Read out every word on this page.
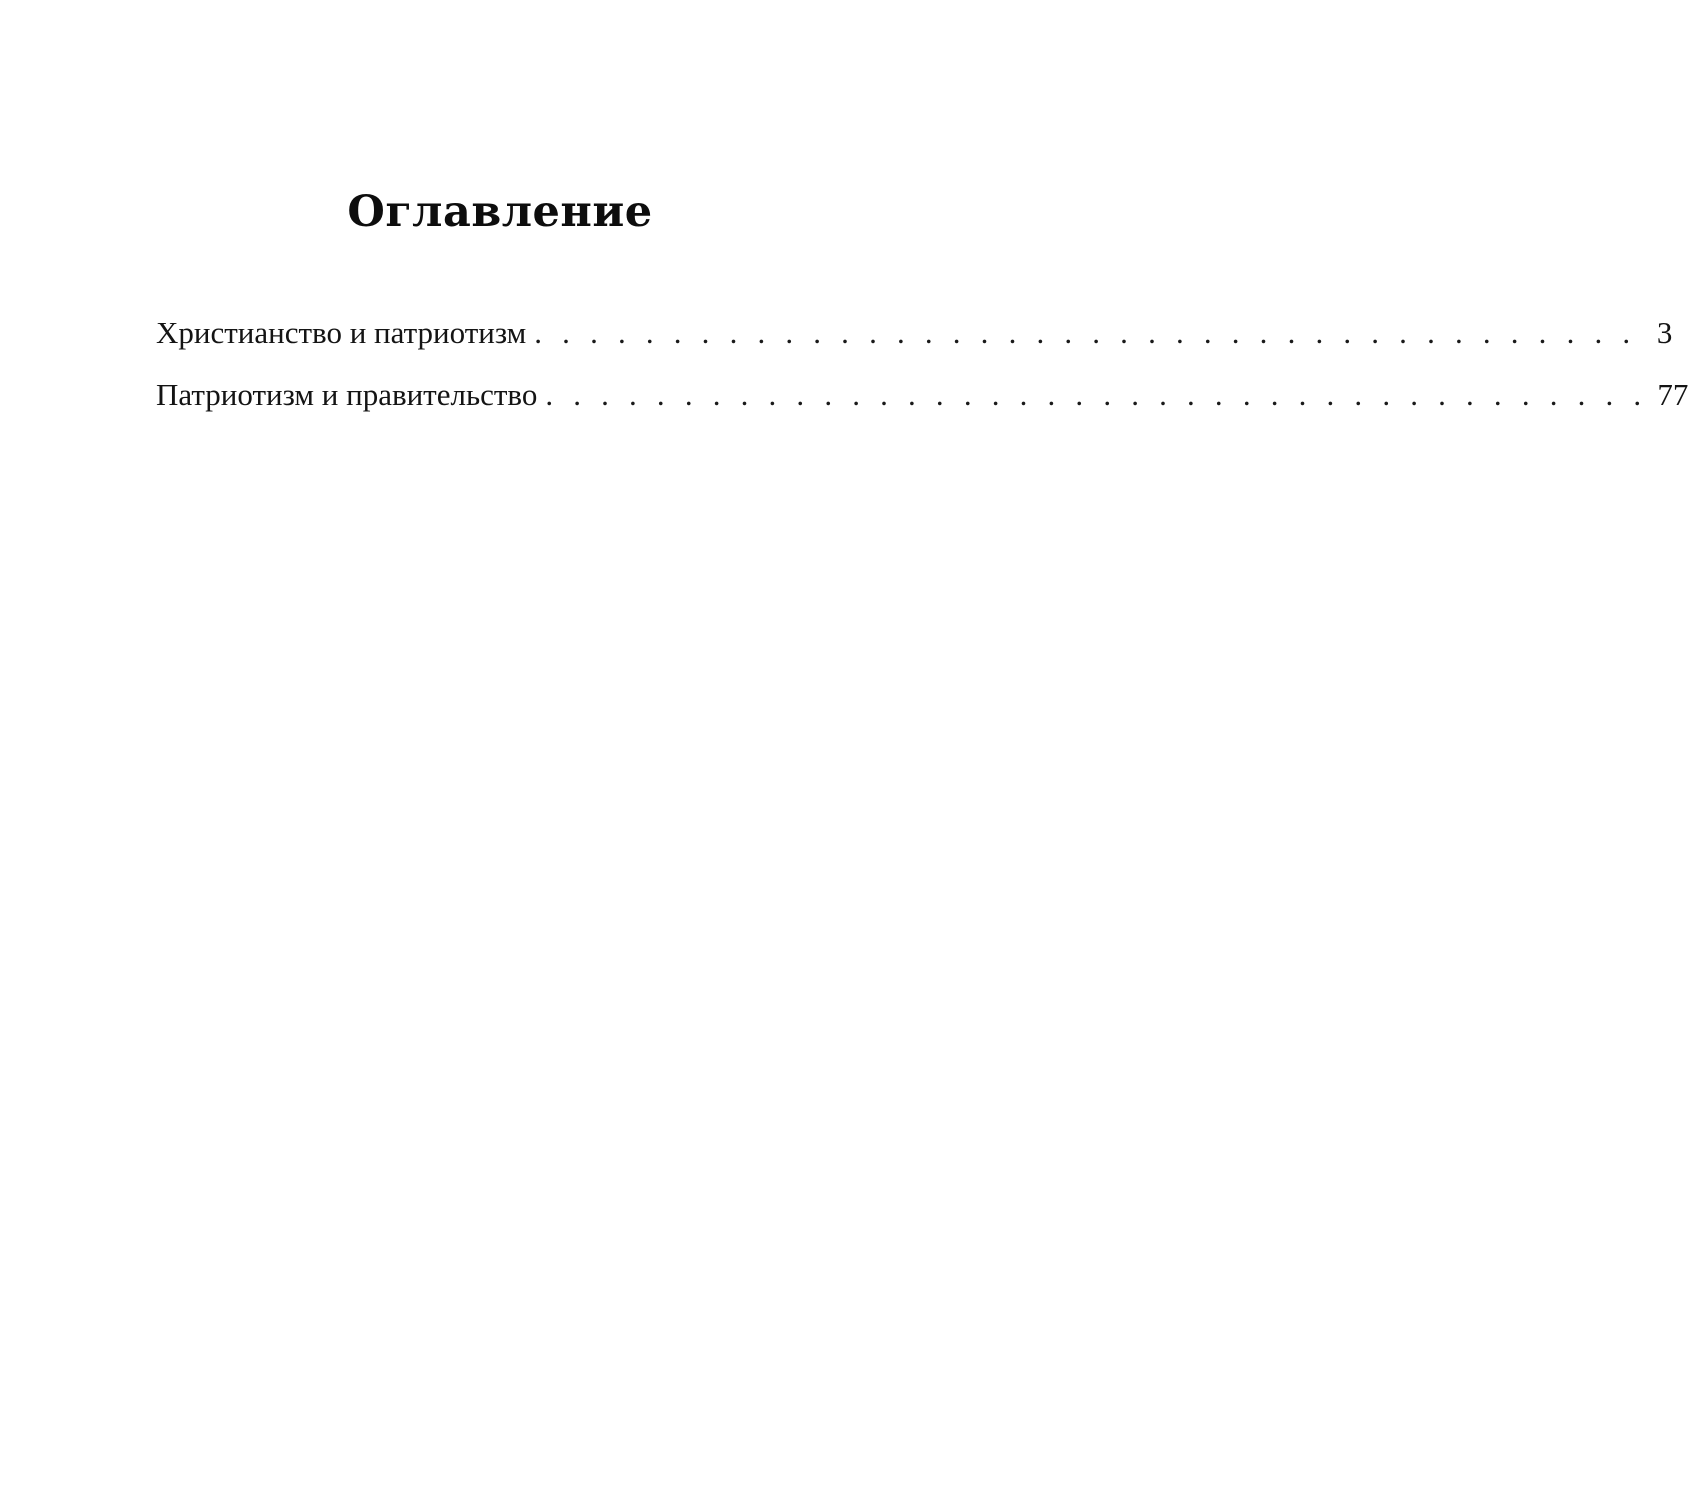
Оглавление
Христианство и патриотизм . . . . . . . . . . . . . . . . . . . . . . . . . . . . . . . . . . . . . . . . 3
Патриотизм и правительство . . . . . . . . . . . . . . . . . . . . . . . . . . . . . . . . . . . . . . . . 77
